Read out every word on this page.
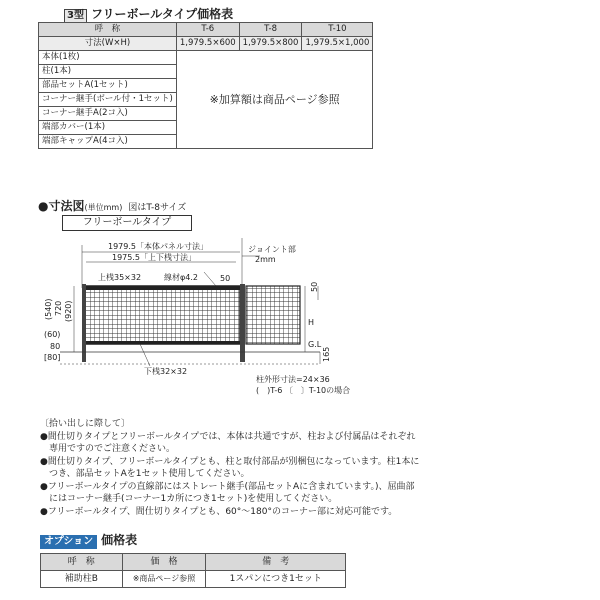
3型 フリーボールタイプ価格表
呼　称	T-6	T-8	T-10
寸法(W×H)	1,979.5×600	1,979.5×800	1,979.5×1,000
本体(1枚)	※加算額は商品ページ参照		
柱(1本)			
部品セットA(1セット)			
コーナー継手(ボール付・1セット)			
コーナー継手A(2コ入)			
端部カバー(1本)			
端部キャップA(4コ入)			
●寸法図(単位mm) 図はT-8サイズ
フリーボールタイプ
1979.5「本体パネル寸法」
1975.5「上下桟寸法」
ジョイント部
2mm
上桟35×32	線材φ4.2	50
50
H
(540) 720 (920)
(60)
80
[80]
G.L
165
下桟32×32
柱外形寸法=24×36
(　)T-6 〔　〕T-10の場合
〔拾い出しに際して〕
●間仕切りタイプとフリーボールタイプでは、本体は共通ですが、柱および付属品はそれぞれ
　専用ですのでご注意ください。
●間仕切りタイプ、フリーボールタイプとも、柱と取付部品が別梱包になっています。柱1本に
　つき、部品セットAを1セット使用してください。
●フリーボールタイプの直線部にはストレート継手(部品セットAに含まれています。)、屈曲部
　にはコーナー継手(コーナー1カ所につき1セット)を使用してください。
●フリーボールタイプ、間仕切りタイプとも、60°～180°のコーナー部に対応可能です。
オプション 価格表
呼　称	価　格	備　考
補助柱B	※商品ページ参照	1スパンにつき1セット
